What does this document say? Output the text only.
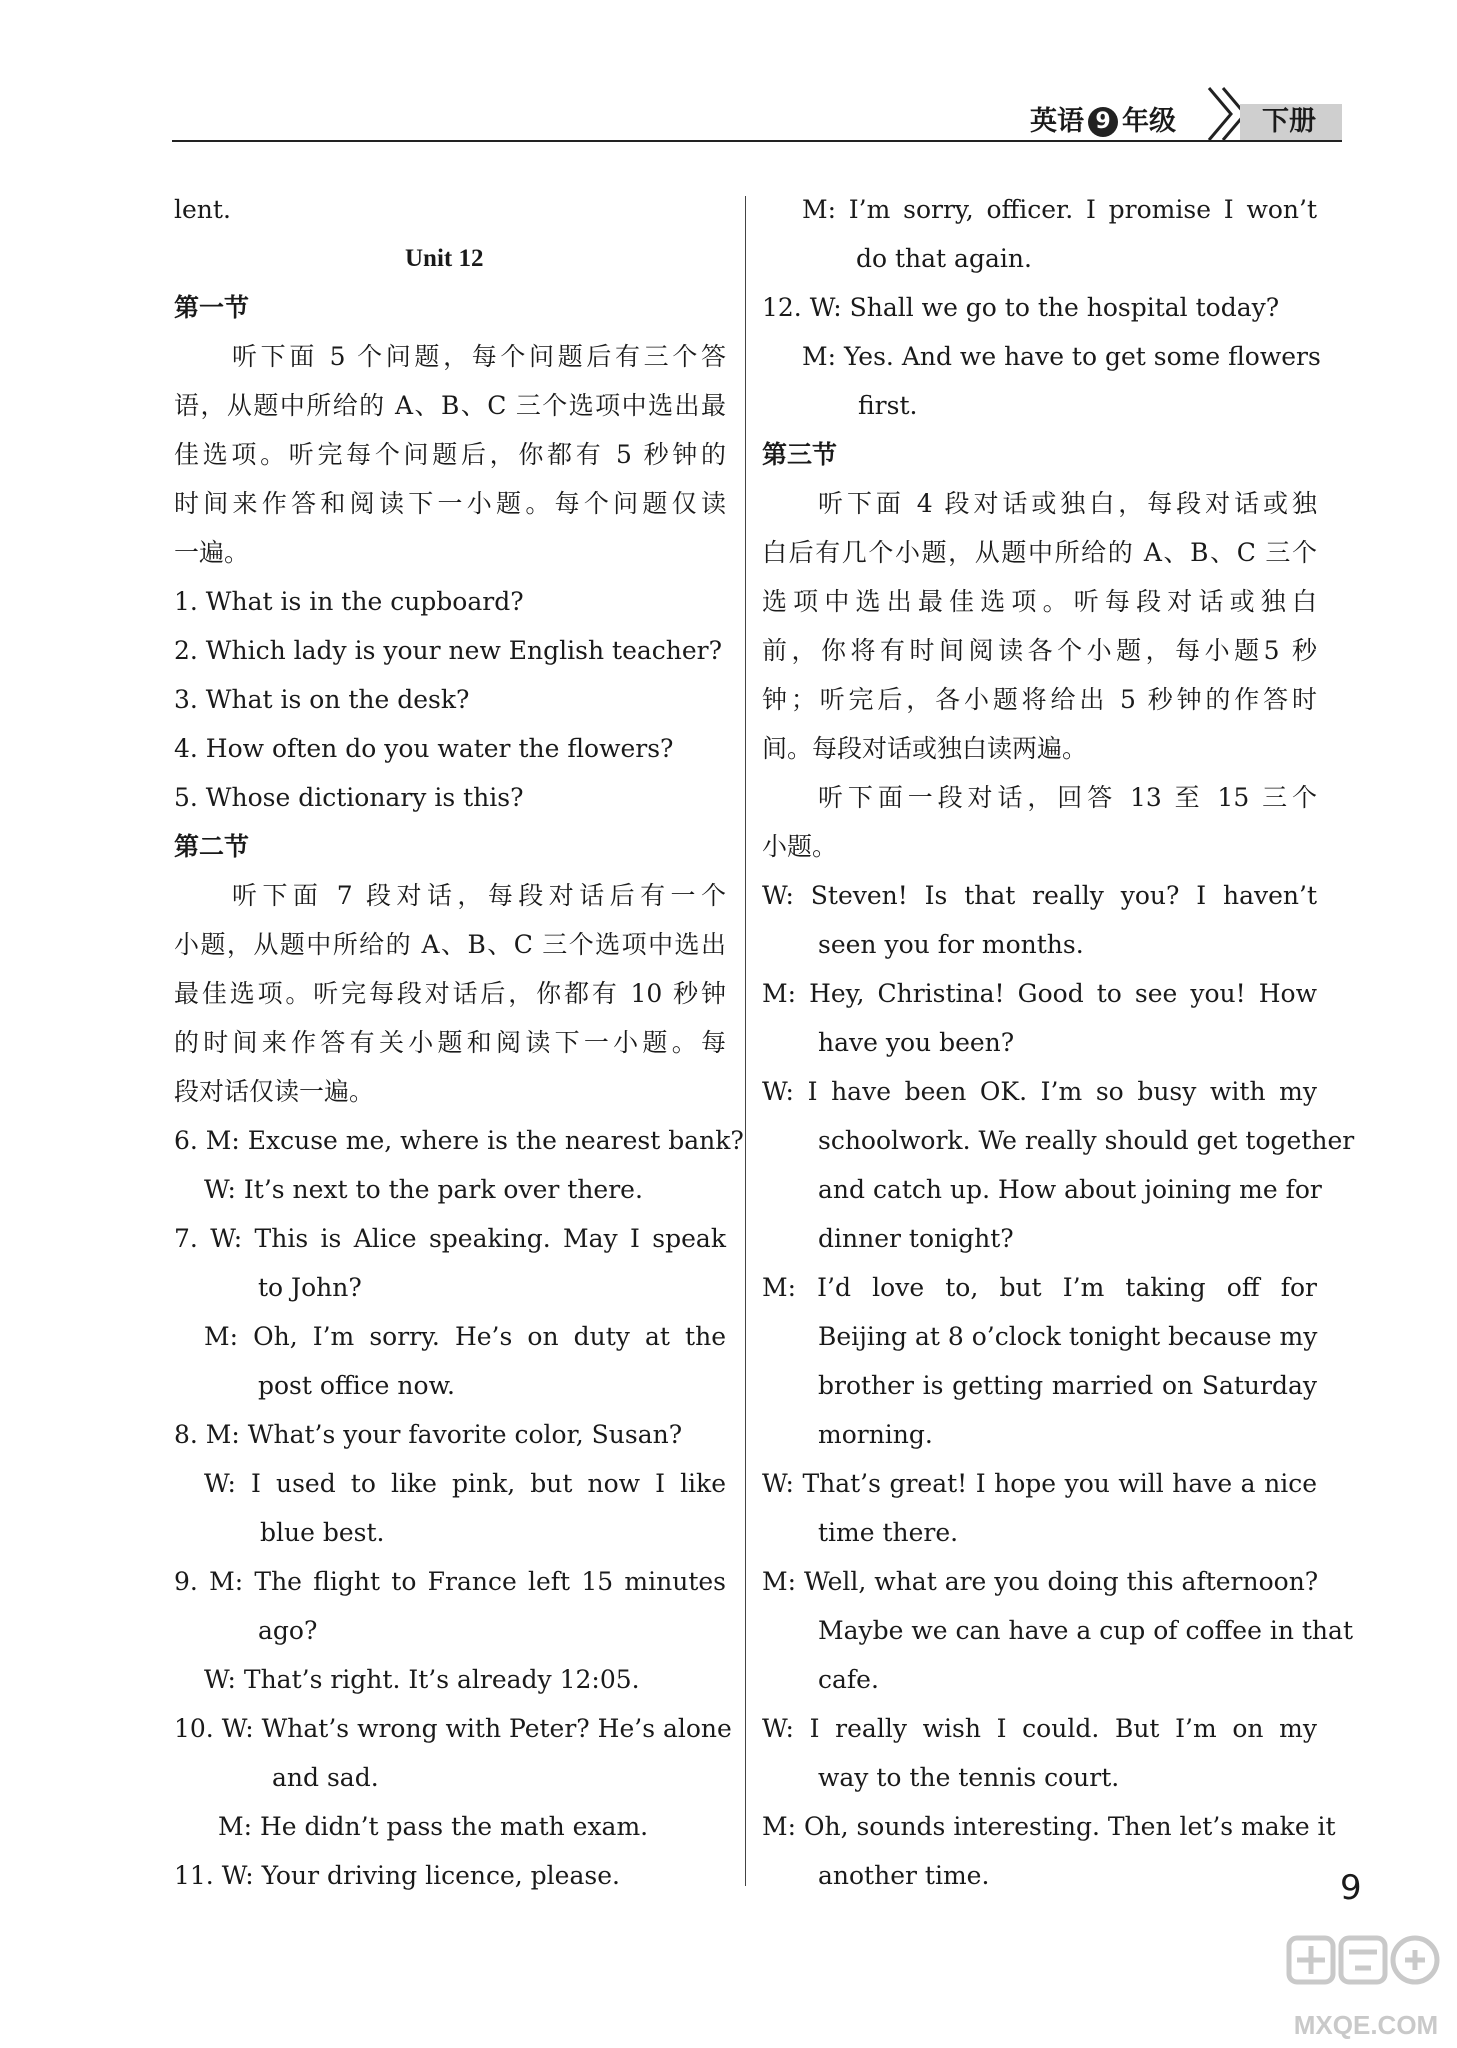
英语 9 年级	下册
lent.
Unit 12
第一节
听下面 5 个问题，每个问题后有三个答
语，从题中所给的 A、B、C 三个选项中选出最
佳选项。听完每个问题后，你都有 5 秒钟的
时间来作答和阅读下一小题。每个问题仅读
一遍。
1. What is in the cupboard?
2. Which lady is your new English teacher?
3. What is on the desk?
4. How often do you water the flowers?
5. Whose dictionary is this?
第二节
听下面 7 段对话，每段对话后有一个
小题，从题中所给的 A、B、C 三个选项中选出
最佳选项。听完每段对话后，你都有 10 秒钟
的时间来作答有关小题和阅读下一小题。每
段对话仅读一遍。
6. M: Excuse me, where is the nearest bank?
W: It’s next to the park over there.
7. W: This is Alice speaking. May I speak
to John?
M: Oh, I’m sorry. He’s on duty at the
post office now.
8. M: What’s your favorite color, Susan?
W: I used to like pink, but now I like
blue best.
9. M: The flight to France left 15 minutes
ago?
W: That’s right. It’s already 12:05.
10. W: What’s wrong with Peter? He’s alone
and sad.
M: He didn’t pass the math exam.
11. W: Your driving licence, please.
M: I’m sorry, officer. I promise I won’t
do that again.
12. W: Shall we go to the hospital today?
M: Yes. And we have to get some flowers
first.
第三节
听下面 4 段对话或独白，每段对话或独
白后有几个小题，从题中所给的 A、B、C 三个
选项中选出最佳选项。听每段对话或独白
前，你将有时间阅读各个小题，每小题5 秒
钟；听完后，各小题将给出 5 秒钟的作答时
间。每段对话或独白读两遍。
听下面一段对话，回答 13 至 15 三个
小题。
W: Steven! Is that really you? I haven’t
seen you for months.
M: Hey, Christina! Good to see you! How
have you been?
W: I have been OK. I’m so busy with my
schoolwork. We really should get together
and catch up. How about joining me for
dinner tonight?
M: I’d love to, but I’m taking off for
Beijing at 8 o’clock tonight because my
brother is getting married on Saturday
morning.
W: That’s great! I hope you will have a nice
time there.
M: Well, what are you doing this afternoon?
Maybe we can have a cup of coffee in that
cafe.
W: I really wish I could. But I’m on my
way to the tennis court.
M: Oh, sounds interesting. Then let’s make it
another time.	9
MXQE.COM
